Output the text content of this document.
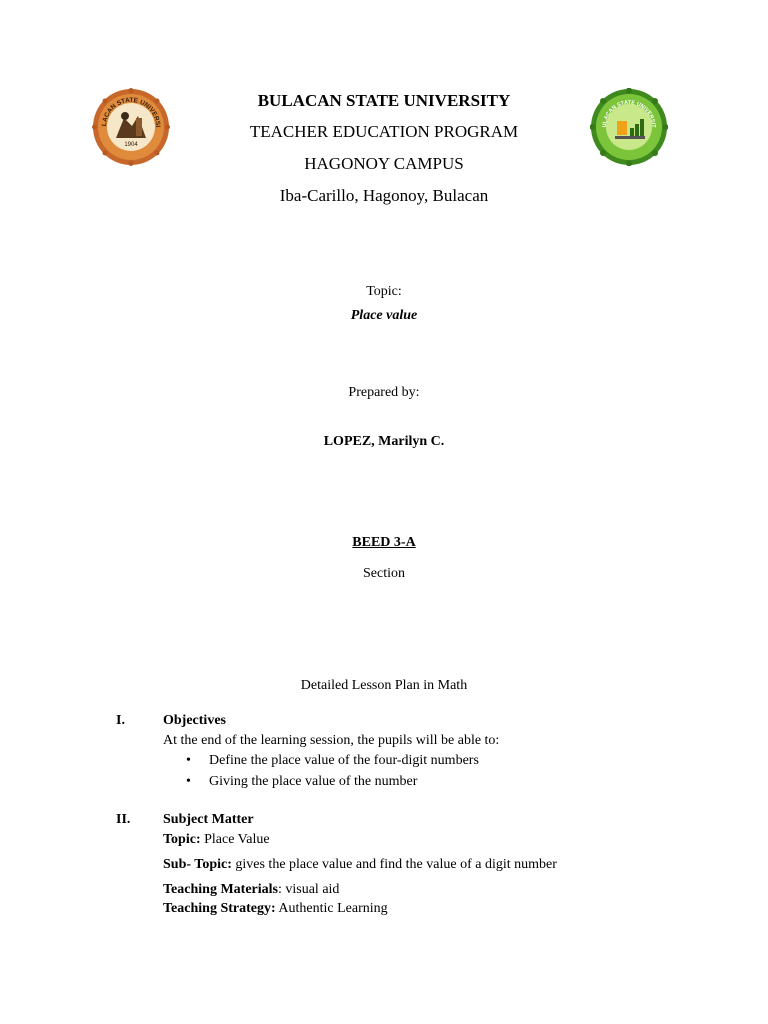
LACAN STATE UNIVERSI
1904
ULACAN STATE UNIVERSIT
BULACAN STATE UNIVERSITY
TEACHER EDUCATION PROGRAM
HAGONOY CAMPUS
Iba-Carillo, Hagonoy, Bulacan
Topic:
Place value
Prepared by:
LOPEZ, Marilyn C.
BEED 3-A
Section
Detailed Lesson Plan in Math
I.	Objectives
At the end of the learning session, the pupils will be able to:
• Define the place value of the four-digit numbers
• Giving the place value of the number
II. Subject Matter
Topic: Place Value
Sub- Topic: gives the place value and find the value of a digit number
Teaching Materials: visual aid
Teaching Strategy: Authentic Learning
